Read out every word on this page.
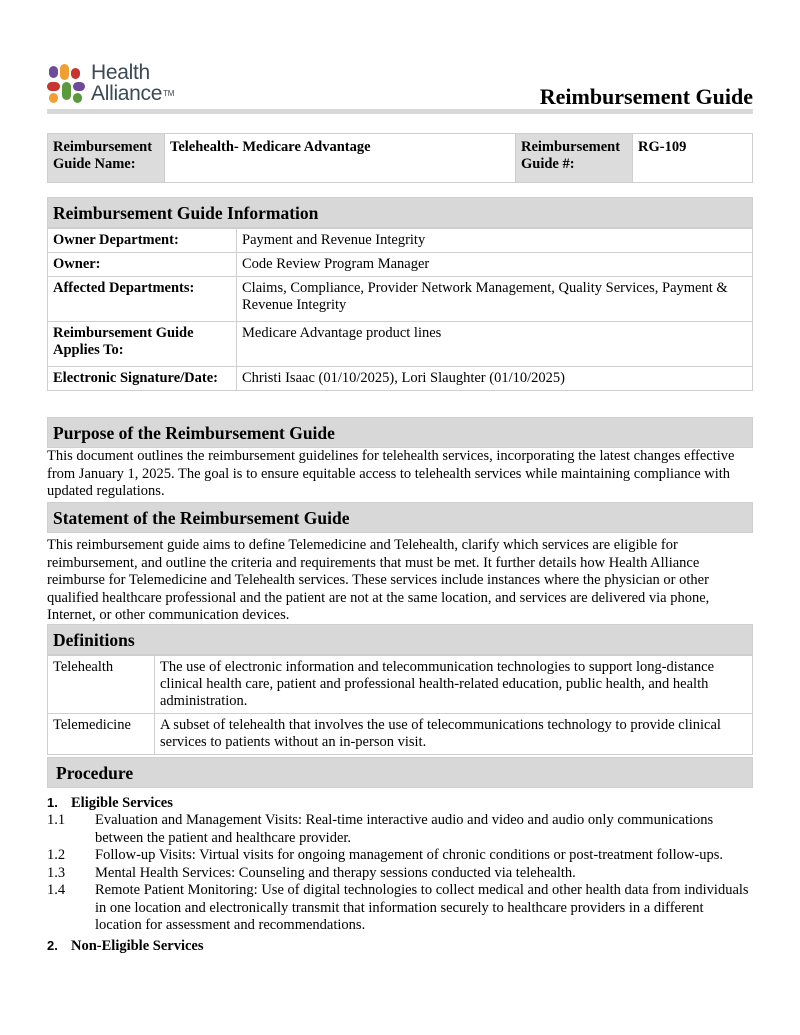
Health
Alliance™	Reimbursement Guide
Reimbursement Guide Name:	Telehealth- Medicare Advantage	Reimbursement Guide #:	RG-109
Reimbursement Guide Information
Owner Department:	Payment and Revenue Integrity
Owner:	Code Review Program Manager
Affected Departments:	Claims, Compliance, Provider Network Management, Quality Services, Payment & Revenue Integrity
Reimbursement Guide Applies To:	Medicare Advantage product lines
Electronic Signature/Date:	Christi Isaac (01/10/2025), Lori Slaughter (01/10/2025)
Purpose of the Reimbursement Guide

This document outlines the reimbursement guidelines for telehealth services, incorporating the latest changes effective from January 1, 2025. The goal is to ensure equitable access to telehealth services while maintaining compliance with updated regulations.

Statement of the Reimbursement Guide

This reimbursement guide aims to define Telemedicine and Telehealth, clarify which services are eligible for reimbursement, and outline the criteria and requirements that must be met. It further details how Health Alliance reimburse for Telemedicine and Telehealth services. These services include instances where the physician or other qualified healthcare professional and the patient are not at the same location, and services are delivered via phone, Internet, or other communication devices.

Definitions
Telehealth	The use of electronic information and telecommunication technologies to support long-distance clinical health care, patient and professional health-related education, public health, and health administration.
Telemedicine	A subset of telehealth that involves the use of telecommunications technology to provide clinical services to patients without an in-person visit.
Procedure
1. Eligible Services
1.1	Evaluation and Management Visits: Real-time interactive audio and video and audio only communications between the patient and healthcare provider.
1.2	Follow-up Visits: Virtual visits for ongoing management of chronic conditions or post-treatment follow-ups.
1.3	Mental Health Services: Counseling and therapy sessions conducted via telehealth.
1.4	Remote Patient Monitoring: Use of digital technologies to collect medical and other health data from individuals in one location and electronically transmit that information securely to healthcare providers in a different location for assessment and recommendations.
2. Non-Eligible Services
